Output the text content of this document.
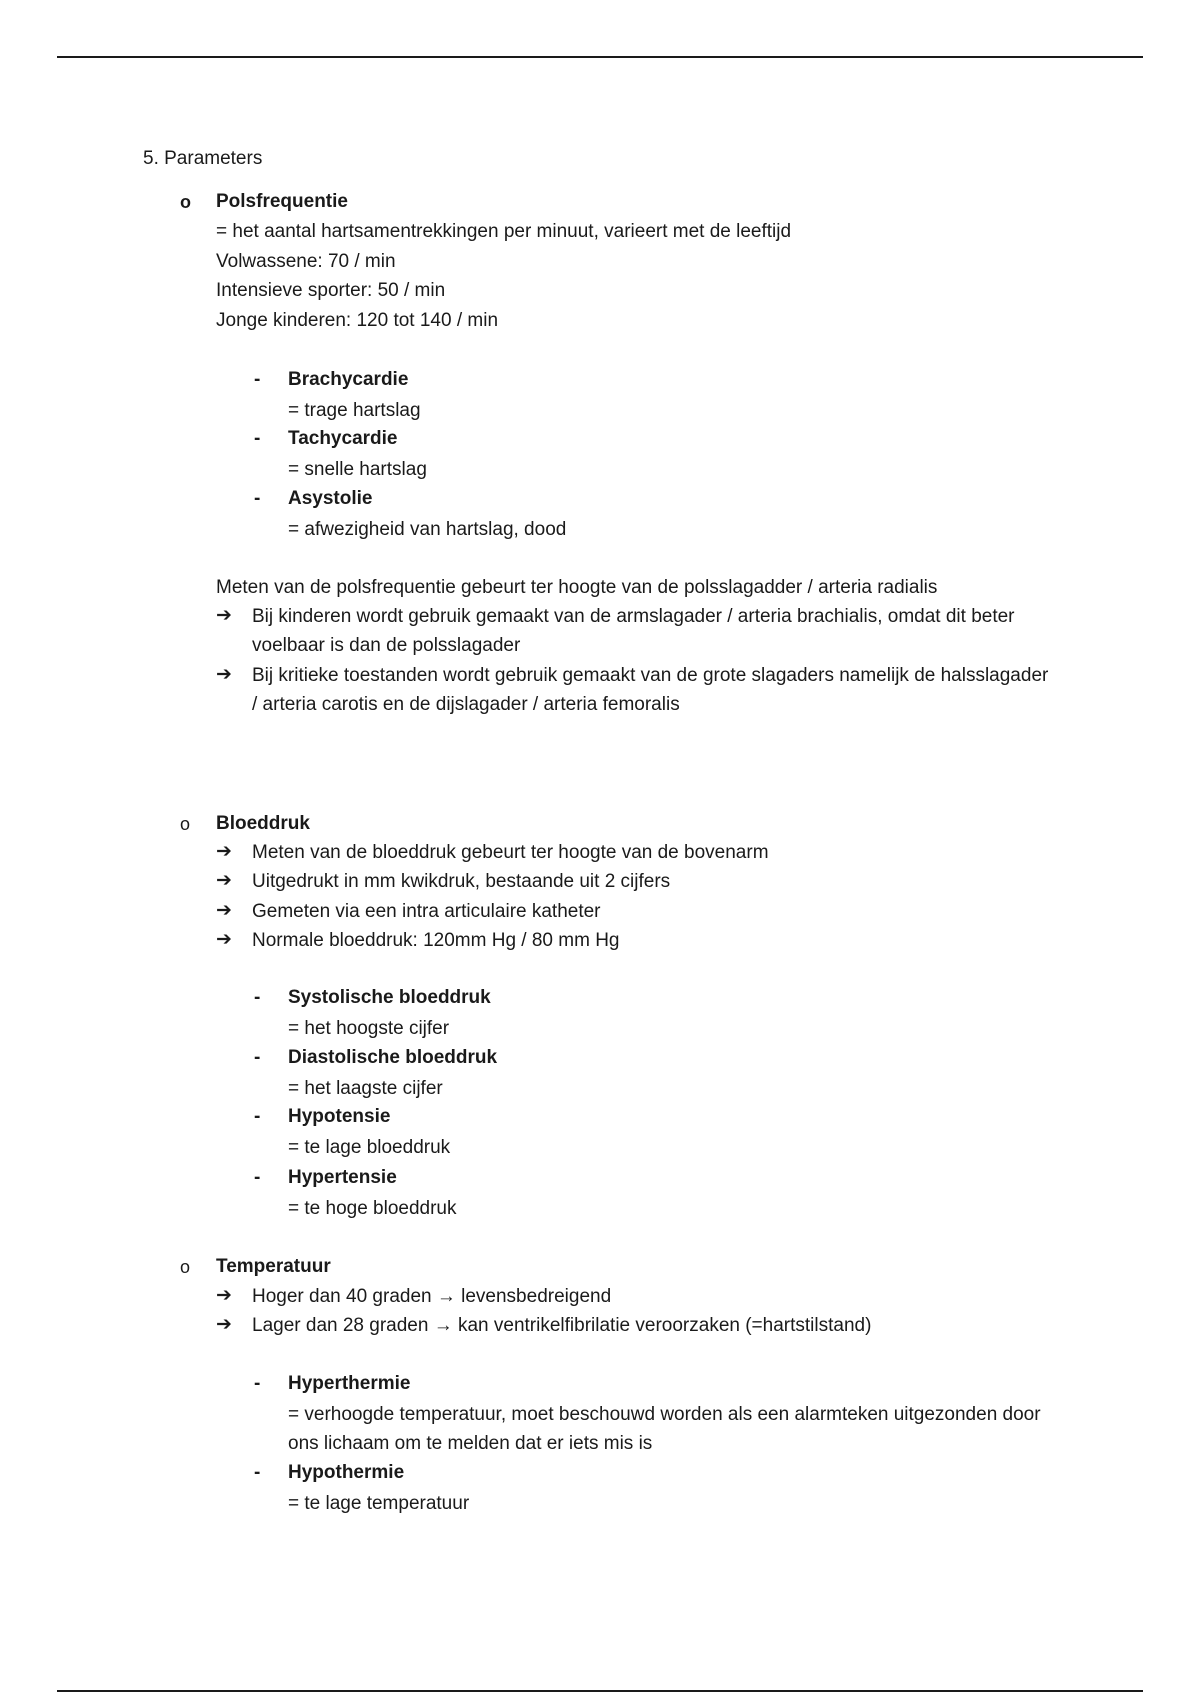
5. Parameters
o Polsfrequentie
= het aantal hartsamentrekkingen per minuut, varieert met de leeftijd
Volwassene: 70 / min
Intensieve sporter: 50 / min
Jonge kinderen: 120 tot 140 / min
- Brachycardie
= trage hartslag
- Tachycardie
= snelle hartslag
- Asystolie
= afwezigheid van hartslag, dood
Meten van de polsfrequentie gebeurt ter hoogte van de polsslagadder / arteria radialis
➔	Bij kinderen wordt gebruik gemaakt van de armslagader / arteria brachialis, omdat dit beter voelbaar is dan de polsslagader
➔	Bij kritieke toestanden wordt gebruik gemaakt van de grote slagaders namelijk de halsslagader / arteria carotis en de dijslagader / arteria femoralis
o Bloeddruk
➔	Meten van de bloeddruk gebeurt ter hoogte van de bovenarm
➔	Uitgedrukt in mm kwikdruk, bestaande uit 2 cijfers
➔	Gemeten via een intra articulaire katheter
➔	Normale bloeddruk: 120mm Hg / 80 mm Hg
- Systolische bloeddruk
= het hoogste cijfer
- Diastolische bloeddruk
= het laagste cijfer
- Hypotensie
= te lage bloeddruk
- Hypertensie
= te hoge bloeddruk
o Temperatuur
➔	Hoger dan 40 graden → levensbedreigend
➔	Lager dan 28 graden → kan ventrikelfibrilatie veroorzaken (=hartstilstand)
- Hyperthermie
= verhoogde temperatuur, moet beschouwd worden als een alarmteken uitgezonden door ons lichaam om te melden dat er iets mis is
- Hypothermie
= te lage temperatuur
